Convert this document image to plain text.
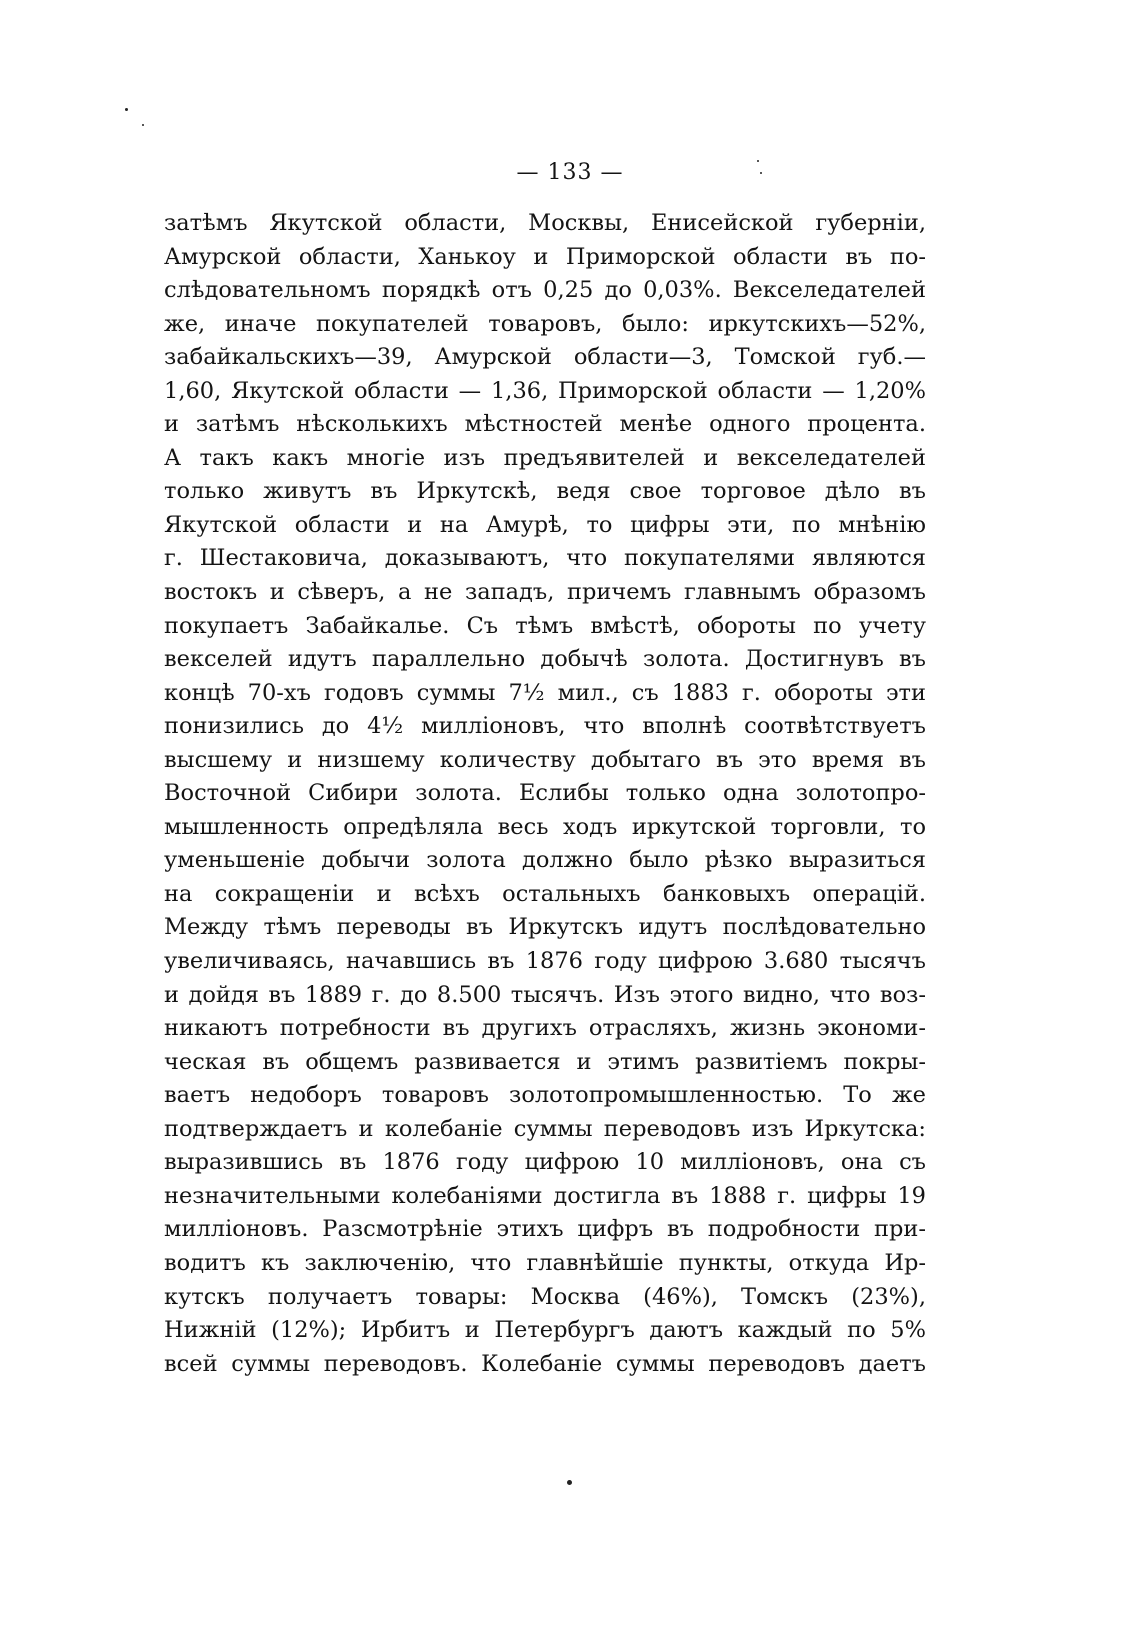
— 133 —
затѣмъ Якутской области, Москвы, Енисейской губерніи,
Амурской области, Ханькоу и Приморской области въ по-
слѣдовательномъ порядкѣ отъ 0,25 до 0,03%. Векселедателей
же, иначе покупателей товаровъ, было: иркутскихъ—52%,
забайкальскихъ—39, Амурской области—3, Томской губ.—
1,60, Якутской области — 1,36, Приморской области — 1,20%
и затѣмъ нѣсколькихъ мѣстностей менѣе одного процента.
А такъ какъ многіе изъ предъявителей и векселедателей
только живутъ въ Иркутскѣ, ведя свое торговое дѣло въ
Якутской области и на Амурѣ, то цифры эти, по мнѣнію
г. Шестаковича, доказываютъ, что покупателями являются
востокъ и сѣверъ, а не западъ, причемъ главнымъ образомъ
покупаетъ Забайкалье. Съ тѣмъ вмѣстѣ, обороты по учету
векселей идутъ параллельно добычѣ золота. Достигнувъ въ
концѣ 70-хъ годовъ суммы 7½ мил., съ 1883 г. обороты эти
понизились до 4½ милліоновъ, что вполнѣ соотвѣтствуетъ
высшему и низшему количеству добытаго въ это время въ
Восточной Сибири золота. Еслибы только одна золотопро-
мышленность опредѣляла весь ходъ иркутской торговли, то
уменьшеніе добычи золота должно было рѣзко выразиться
на сокращеніи и всѣхъ остальныхъ банковыхъ операцій.
Между тѣмъ переводы въ Иркутскъ идутъ послѣдовательно
увеличиваясь, начавшись въ 1876 году цифрою 3.680 тысячъ
и дойдя въ 1889 г. до 8.500 тысячъ. Изъ этого видно, что воз-
никаютъ потребности въ другихъ отрасляхъ, жизнь экономи-
ческая въ общемъ развивается и этимъ развитіемъ покры-
ваетъ недоборъ товаровъ золотопромышленностью. То же
подтверждаетъ и колебаніе суммы переводовъ изъ Иркутска:
выразившись въ 1876 году цифрою 10 милліоновъ, она съ
незначительными колебаніями достигла въ 1888 г. цифры 19
милліоновъ. Разсмотрѣніе этихъ цифръ въ подробности при-
водитъ къ заключенію, что главнѣйшіе пункты, откуда Ир-
кутскъ получаетъ товары: Москва (46%), Томскъ (23%),
Нижній (12%); Ирбитъ и Петербургъ даютъ каждый по 5%
всей суммы переводовъ. Колебаніе суммы переводовъ даетъ
